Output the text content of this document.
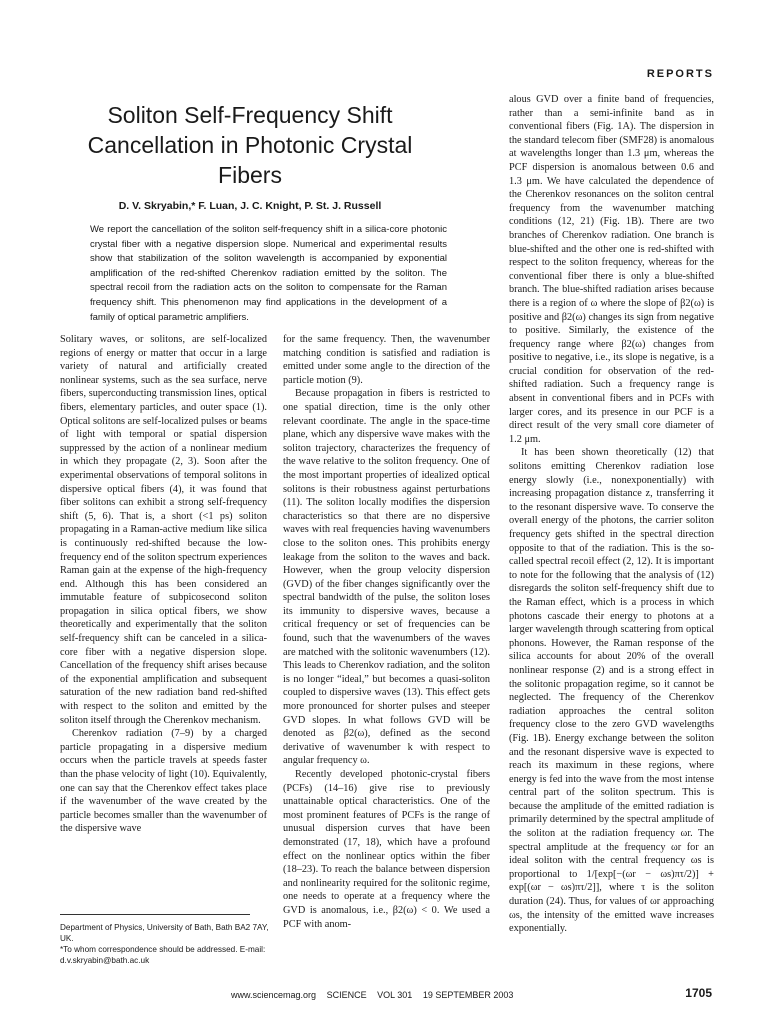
REPORTS
Soliton Self-Frequency Shift Cancellation in Photonic Crystal Fibers
D. V. Skryabin,* F. Luan, J. C. Knight, P. St. J. Russell

We report the cancellation of the soliton self-frequency shift in a silica-core photonic crystal fiber with a negative dispersion slope. Numerical and experimental results show that stabilization of the soliton wavelength is accompanied by exponential amplification of the red-shifted Cherenkov radiation emitted by the soliton. The spectral recoil from the radiation acts on the soliton to compensate for the Raman frequency shift. This phenomenon may find applications in the development of a family of optical parametric amplifiers.

Solitary waves, or solitons, are self-localized regions of energy or matter that occur in a large variety of natural and artificially created nonlinear systems, such as the sea surface, nerve fibers, superconducting transmission lines, optical fibers, elementary particles, and outer space (1). Optical solitons are self-localized pulses or beams of light with temporal or spatial dispersion suppressed by the action of a nonlinear medium in which they propagate (2, 3). Soon after the experimental observations of temporal solitons in dispersive optical fibers (4), it was found that fiber solitons can exhibit a strong self-frequency shift (5, 6). That is, a short (<1 ps) soliton propagating in a Raman-active medium like silica is continuously red-shifted because the low-frequency end of the soliton spectrum experiences Raman gain at the expense of the high-frequency end. Although this has been considered an immutable feature of subpicosecond soliton propagation in silica optical fibers, we show theoretically and experimentally that the soliton self-frequency shift can be canceled in a silica-core fiber with a negative dispersion slope. Cancellation of the frequency shift arises because of the exponential amplification and subsequent saturation of the new radiation band red-shifted with respect to the soliton and emitted by the soliton itself through the Cherenkov mechanism.

Cherenkov radiation (7–9) by a charged particle propagating in a dispersive medium occurs when the particle travels at speeds faster than the phase velocity of light (10). Equivalently, one can say that the Cherenkov effect takes place if the wavenumber of the wave created by the particle becomes smaller than the wavenumber of the dispersive wave

for the same frequency. Then, the wavenumber matching condition is satisfied and radiation is emitted under some angle to the direction of the particle motion (9).

Because propagation in fibers is restricted to one spatial direction, time is the only other relevant coordinate. The angle in the space-time plane, which any dispersive wave makes with the soliton trajectory, characterizes the frequency of the wave relative to the soliton frequency. One of the most important properties of idealized optical solitons is their robustness against perturbations (11). The soliton locally modifies the dispersion characteristics so that there are no dispersive waves with real frequencies having wavenumbers close to the soliton ones. This prohibits energy leakage from the soliton to the waves and back. However, when the group velocity dispersion (GVD) of the fiber changes significantly over the spectral bandwidth of the pulse, the soliton loses its immunity to dispersive waves, because a critical frequency or set of frequencies can be found, such that the wavenumbers of the waves are matched with the solitonic wavenumbers (12). This leads to Cherenkov radiation, and the soliton is no longer “ideal,” but becomes a quasi-soliton coupled to dispersive waves (13). This effect gets more pronounced for shorter pulses and steeper GVD slopes. In what follows GVD will be denoted as β2(ω), defined as the second derivative of wavenumber k with respect to angular frequency ω.

Recently developed photonic-crystal fibers (PCFs) (14–16) give rise to previously unattainable optical characteristics. One of the most prominent features of PCFs is the range of unusual dispersion curves that have been demonstrated (17, 18), which have a profound effect on the nonlinear optics within the fiber (18–23). To reach the balance between dispersion and nonlinearity required for the solitonic regime, one needs to operate at a frequency where the GVD is anomalous, i.e., β2(ω) < 0. We used a PCF with anom-

alous GVD over a finite band of frequencies, rather than a semi-infinite band as in conventional fibers (Fig. 1A). The dispersion in the standard telecom fiber (SMF28) is anomalous at wavelengths longer than 1.3 μm, whereas the PCF dispersion is anomalous between 0.6 and 1.3 μm. We have calculated the dependence of the Cherenkov resonances on the soliton central frequency from the wavenumber matching conditions (12, 21) (Fig. 1B). There are two branches of Cherenkov radiation. One branch is blue-shifted and the other one is red-shifted with respect to the soliton frequency, whereas for the conventional fiber there is only a blue-shifted branch. The blue-shifted radiation arises because there is a region of ω where the slope of β2(ω) is positive and β2(ω) changes its sign from negative to positive. Similarly, the existence of the frequency range where β2(ω) changes from positive to negative, i.e., its slope is negative, is a crucial condition for observation of the red-shifted radiation. Such a frequency range is absent in conventional fibers and in PCFs with larger cores, and its presence in our PCF is a direct result of the very small core diameter of 1.2 μm.

It has been shown theoretically (12) that solitons emitting Cherenkov radiation lose energy slowly (i.e., nonexponentially) with increasing propagation distance z, transferring it to the resonant dispersive wave. To conserve the overall energy of the photons, the carrier soliton frequency gets shifted in the spectral direction opposite to that of the radiation. This is the so-called spectral recoil effect (2, 12). It is important to note for the following that the analysis of (12) disregards the soliton self-frequency shift due to the Raman effect, which is a process in which photons cascade their energy to photons at a larger wavelength through scattering from optical phonons. However, the Raman response of the silica accounts for about 20% of the overall nonlinear response (2) and is a strong effect in the solitonic propagation regime, so it cannot be neglected. The frequency of the Cherenkov radiation approaches the central soliton frequency close to the zero GVD wavelengths (Fig. 1B). Energy exchange between the soliton and the resonant dispersive wave is expected to reach its maximum in these regions, where energy is fed into the wave from the most intense central part of the soliton spectrum. This is because the amplitude of the emitted radiation is primarily determined by the spectral amplitude of the soliton at the radiation frequency ωr. The spectral amplitude at the frequency ωr for an ideal soliton with the central frequency ωs is proportional to 1/[exp[−(ωr − ωs)πτ/2)] + exp[(ωr − ωs)πτ/2]], where τ is the soliton duration (24). Thus, for values of ωr approaching ωs, the intensity of the emitted wave increases exponentially.

Department of Physics, University of Bath, Bath BA2 7AY, UK.
*To whom correspondence should be addressed. E-mail: d.v.skryabin@bath.ac.uk
www.sciencemag.org SCIENCE VOL 301 19 SEPTEMBER 2003	1705
